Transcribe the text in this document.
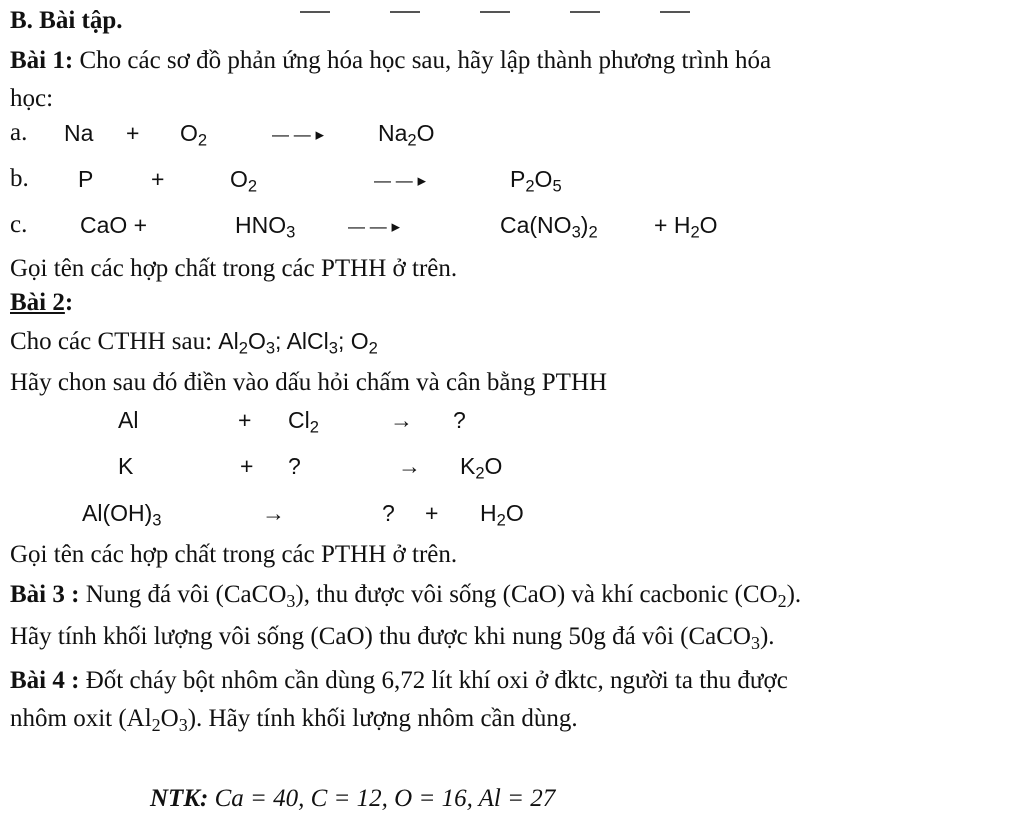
B. Bài tập.
Bài 1: Cho các sơ đồ phản ứng hóa học sau, hãy lập thành phương trình hóa
học:
a. $Na + O_2$	— — ▸ $Na_2O$
b. P	+	$O_2$	— — ▸	$P_2O_5$
c. CaO +	$HNO_3$	— — ▸	$Ca(NO_3)_2 + H_2O$
Gọi tên các hợp chất trong các PTHH ở trên.
Bài 2:
Cho các CTHH sau: $Al_2O_3$; AlCl$_3$; $O_2$
Hãy chon sau đó điền vào dấu hỏi chấm và cân bằng PTHH
Al	+ $Cl_2$	→ ?
K	+ ?	→ $K_2O$
$Al(OH)_3$	→	? + $H_2O$
Gọi tên các hợp chất trong các PTHH ở trên.
Bài 3 : Nung đá vôi (CaCO$_3$), thu được vôi sống (CaO) và khí cacbonic $(CO_2)$.
Hãy tính khối lượng vôi sống (CaO) thu được khi nung 50g đá vôi (CaCO$_3$).
Bài 4 : Đốt cháy bột nhôm cần dùng 6,72 lít khí oxi ở đktc, người ta thu được
nhôm oxit $(Al_2O_3)$. Hãy tính khối lượng nhôm cần dùng.
NTK: Ca = 40, C = 12, O = 16, Al = 27
